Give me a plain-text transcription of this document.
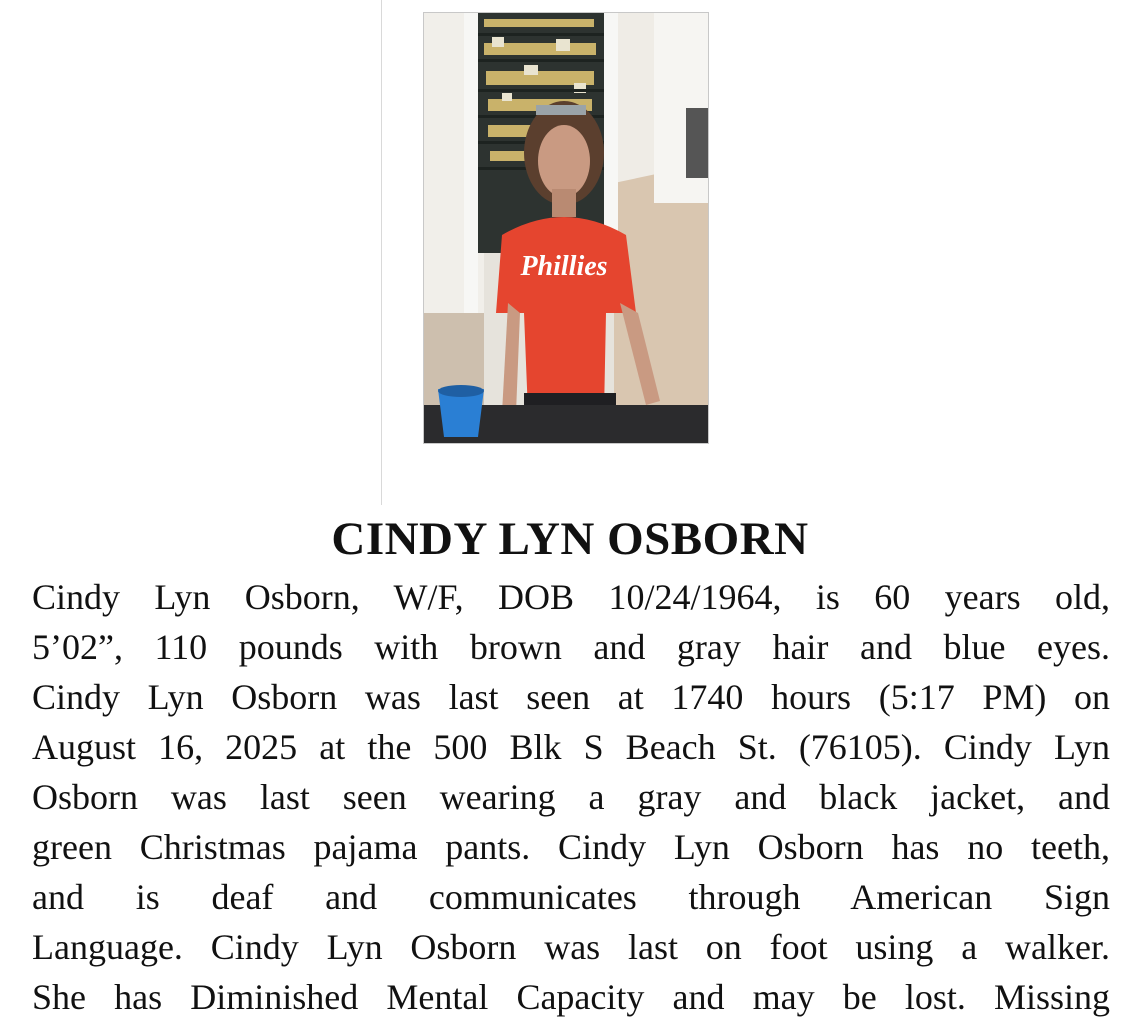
Phillies
CINDY LYN OSBORN
Cindy Lyn Osborn, W/F, DOB 10/24/1964, is 60 years old,
5’02”, 110 pounds with brown and gray hair and blue eyes.
Cindy Lyn Osborn was last seen at 1740 hours (5:17 PM) on
August 16, 2025 at the 500 Blk S Beach St. (76105). Cindy Lyn
Osborn was last seen wearing a gray and black jacket, and
green Christmas pajama pants. Cindy Lyn Osborn has no teeth,
and is deaf and communicates through American Sign
Language. Cindy Lyn Osborn was last on foot using a walker.
She has Diminished Mental Capacity and may be lost. Missing
